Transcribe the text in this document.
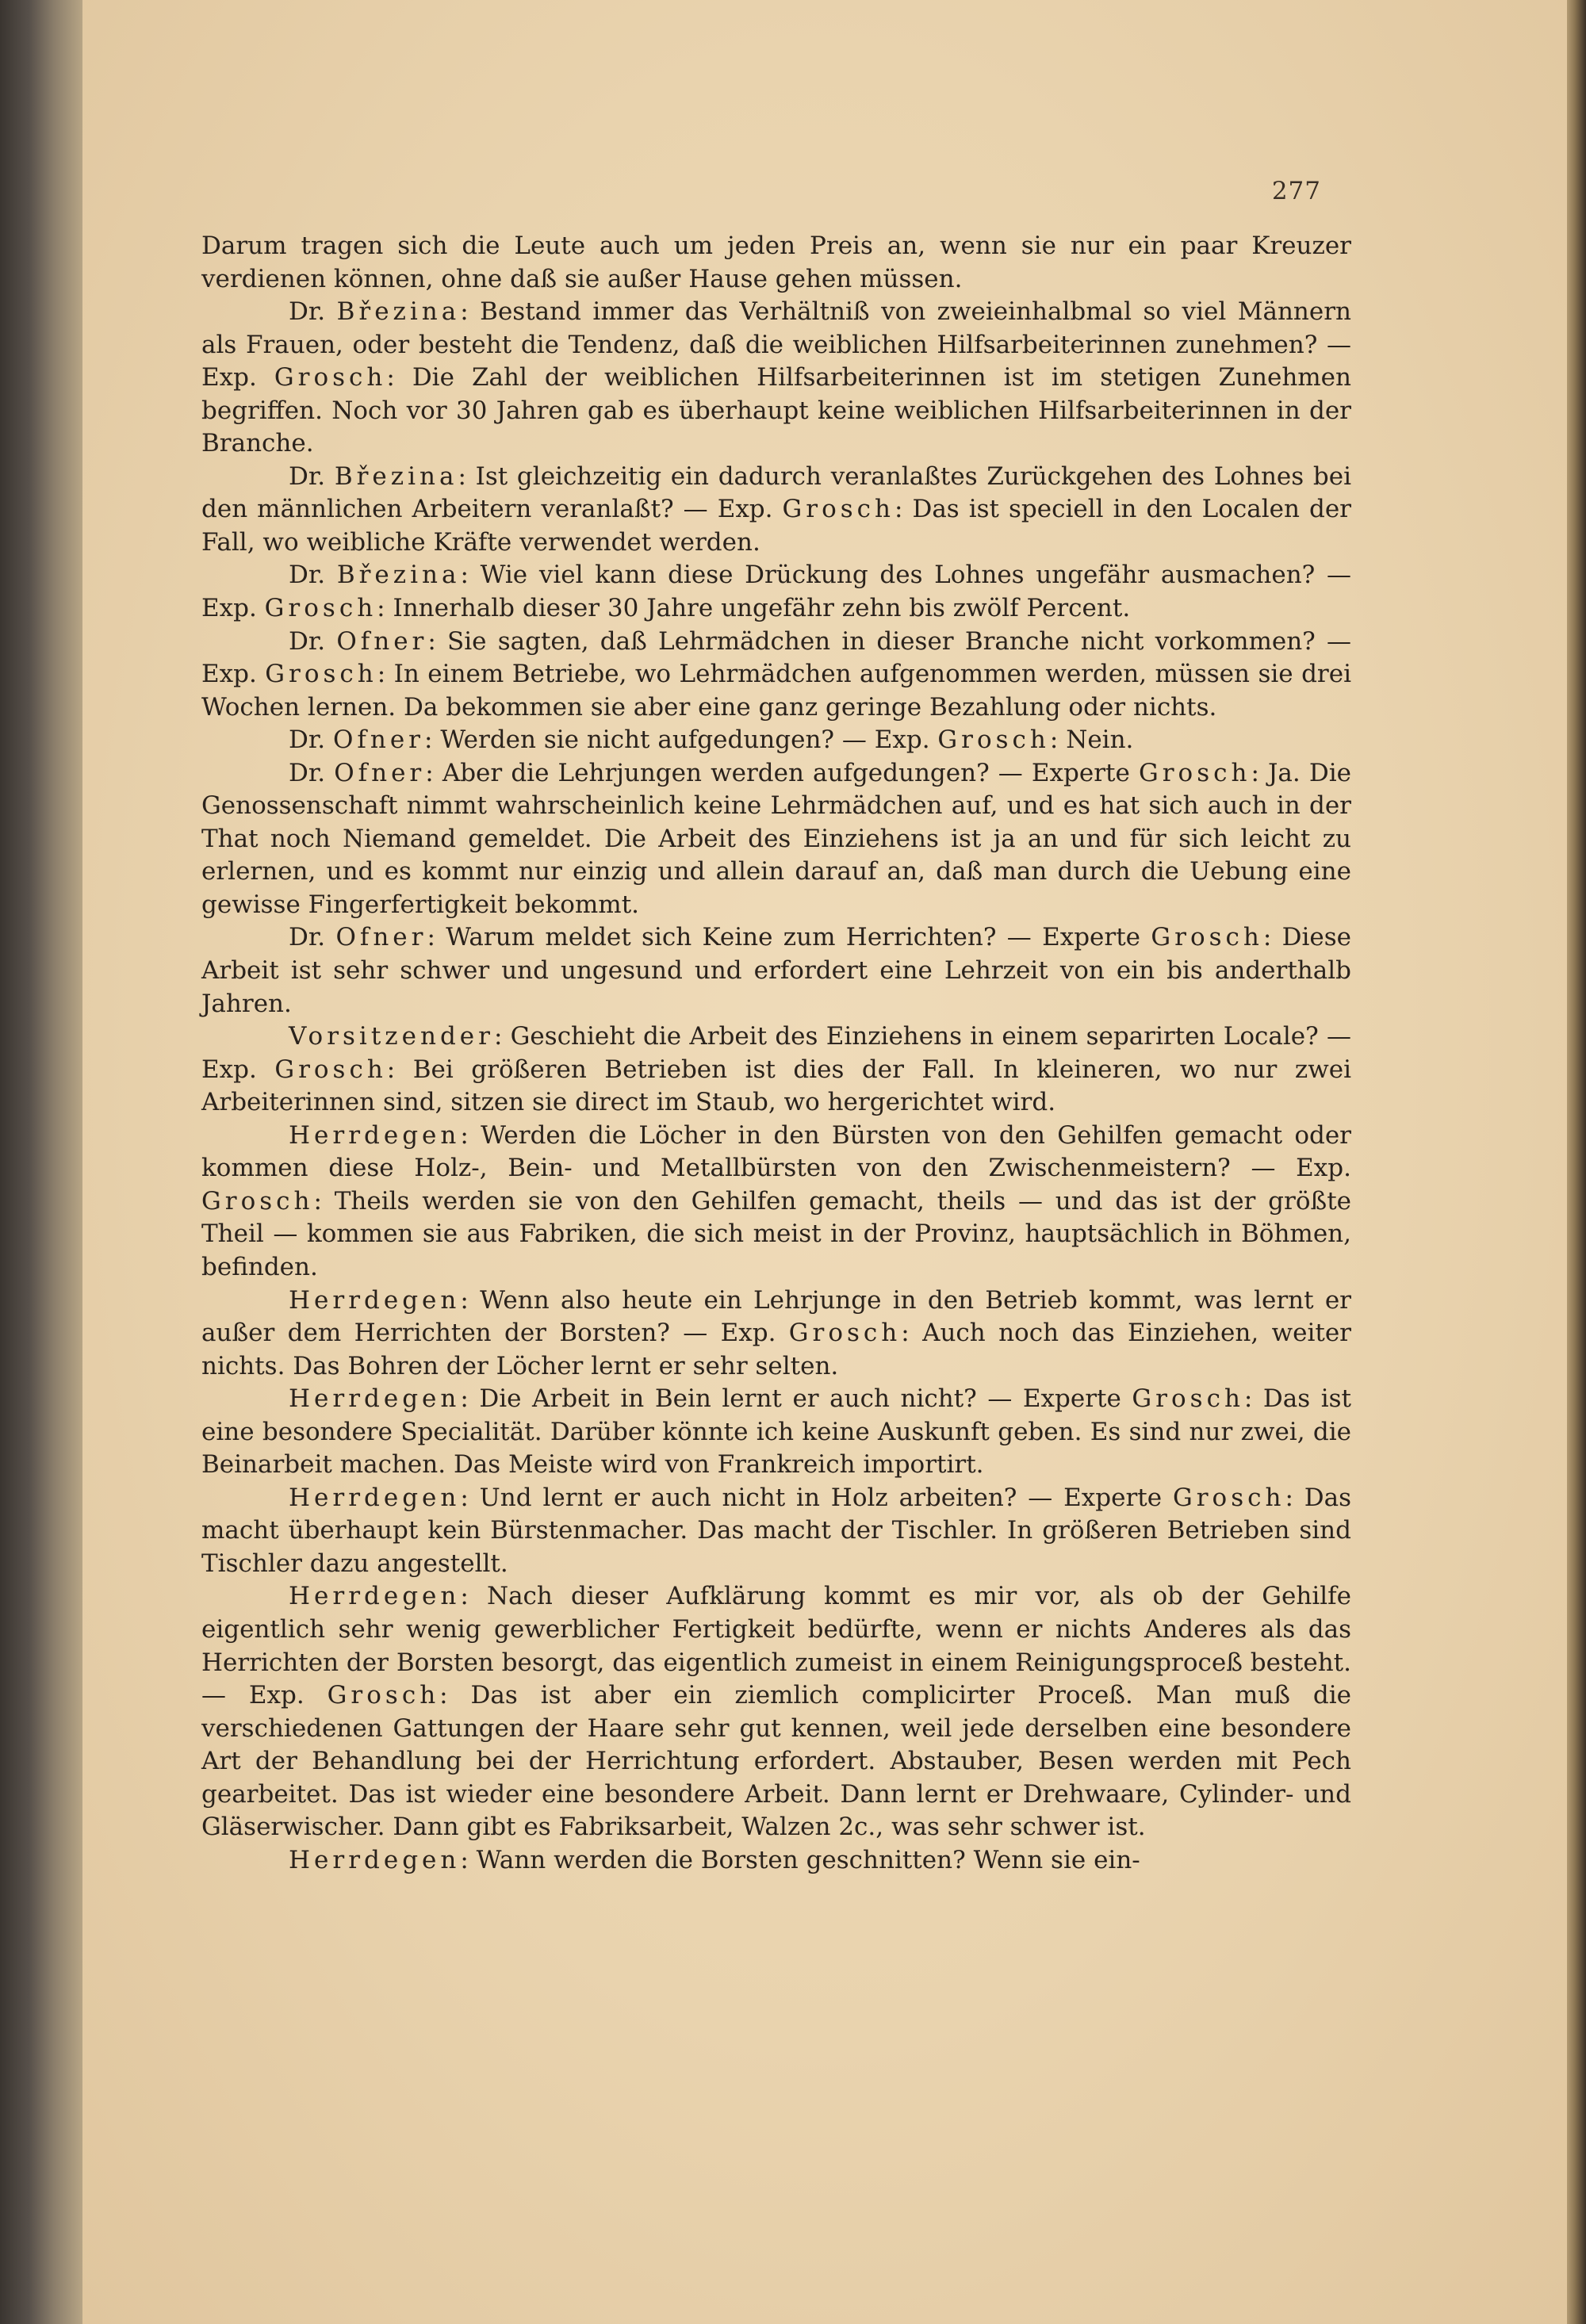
277

Darum tragen sich die Leute auch um jeden Preis an, wenn sie nur ein paar Kreuzer verdienen können, ohne daß sie außer Hause gehen müssen.

Dr. Březina: Bestand immer das Verhältniß von zweieinhalbmal so viel Männern als Frauen, oder besteht die Tendenz, daß die weiblichen Hilfsarbeiterinnen zunehmen? — Exp. Grosch: Die Zahl der weiblichen Hilfsarbeiterinnen ist im stetigen Zunehmen begriffen. Noch vor 30 Jahren gab es überhaupt keine weiblichen Hilfsarbeiterinnen in der Branche.

Dr. Březina: Ist gleichzeitig ein dadurch veranlaßtes Zurückgehen des Lohnes bei den männlichen Arbeitern veranlaßt? — Exp. Grosch: Das ist speciell in den Localen der Fall, wo weibliche Kräfte verwendet werden.

Dr. Březina: Wie viel kann diese Drückung des Lohnes ungefähr ausmachen? — Exp. Grosch: Innerhalb dieser 30 Jahre ungefähr zehn bis zwölf Percent.

Dr. Ofner: Sie sagten, daß Lehrmädchen in dieser Branche nicht vorkommen? — Exp. Grosch: In einem Betriebe, wo Lehrmädchen aufgenommen werden, müssen sie drei Wochen lernen. Da bekommen sie aber eine ganz geringe Bezahlung oder nichts.

Dr. Ofner: Werden sie nicht aufgedungen? — Exp. Grosch: Nein.

Dr. Ofner: Aber die Lehrjungen werden aufgedungen? — Experte Grosch: Ja. Die Genossenschaft nimmt wahrscheinlich keine Lehrmädchen auf, und es hat sich auch in der That noch Niemand gemeldet. Die Arbeit des Einziehens ist ja an und für sich leicht zu erlernen, und es kommt nur einzig und allein darauf an, daß man durch die Uebung eine gewisse Fingerfertigkeit bekommt.

Dr. Ofner: Warum meldet sich Keine zum Herrichten? — Experte Grosch: Diese Arbeit ist sehr schwer und ungesund und erfordert eine Lehrzeit von ein bis anderthalb Jahren.

Vorsitzender: Geschieht die Arbeit des Einziehens in einem separirten Locale? — Exp. Grosch: Bei größeren Betrieben ist dies der Fall. In kleineren, wo nur zwei Arbeiterinnen sind, sitzen sie direct im Staub, wo hergerichtet wird.

Herrdegen: Werden die Löcher in den Bürsten von den Gehilfen gemacht oder kommen diese Holz-, Bein- und Metallbürsten von den Zwischenmeistern? — Exp. Grosch: Theils werden sie von den Gehilfen gemacht, theils — und das ist der größte Theil — kommen sie aus Fabriken, die sich meist in der Provinz, hauptsächlich in Böhmen, befinden.

Herrdegen: Wenn also heute ein Lehrjunge in den Betrieb kommt, was lernt er außer dem Herrichten der Borsten? — Exp. Grosch: Auch noch das Einziehen, weiter nichts. Das Bohren der Löcher lernt er sehr selten.

Herrdegen: Die Arbeit in Bein lernt er auch nicht? — Experte Grosch: Das ist eine besondere Specialität. Darüber könnte ich keine Auskunft geben. Es sind nur zwei, die Beinarbeit machen. Das Meiste wird von Frankreich importirt.

Herrdegen: Und lernt er auch nicht in Holz arbeiten? — Experte Grosch: Das macht überhaupt kein Bürstenmacher. Das macht der Tischler. In größeren Betrieben sind Tischler dazu angestellt.

Herrdegen: Nach dieser Aufklärung kommt es mir vor, als ob der Gehilfe eigentlich sehr wenig gewerblicher Fertigkeit bedürfte, wenn er nichts Anderes als das Herrichten der Borsten besorgt, das eigentlich zumeist in einem Reinigungsproceß besteht. — Exp. Grosch: Das ist aber ein ziemlich complicirter Proceß. Man muß die verschiedenen Gattungen der Haare sehr gut kennen, weil jede derselben eine besondere Art der Behandlung bei der Herrichtung erfordert. Abstauber, Besen werden mit Pech gearbeitet. Das ist wieder eine besondere Arbeit. Dann lernt er Drehwaare, Cylinder- und Gläserwischer. Dann gibt es Fabriksarbeit, Walzen 2c., was sehr schwer ist.

Herrdegen: Wann werden die Borsten geschnitten? Wenn sie ein-
